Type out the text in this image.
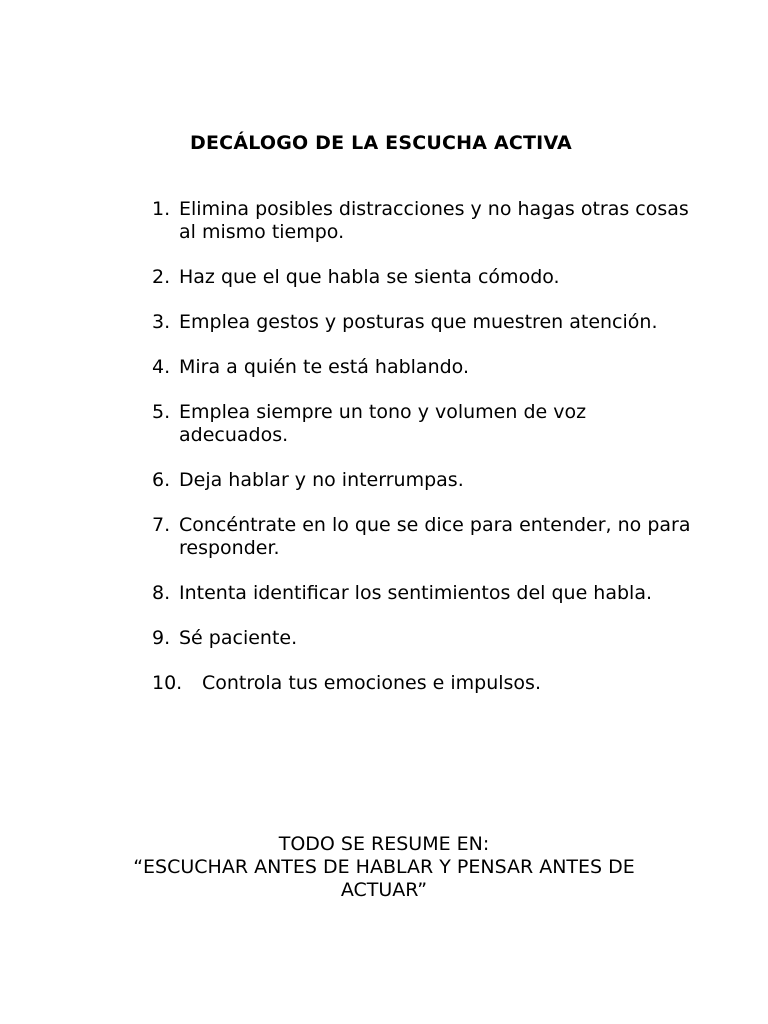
DECÁLOGO DE LA ESCUCHA ACTIVA
1. Elimina posibles distracciones y no hagas otras cosas al mismo tiempo.
2. Haz que el que habla se sienta cómodo.
3. Emplea gestos y posturas que muestren atención.
4. Mira a quién te está hablando.
5. Emplea siempre un tono y volumen de voz adecuados.
6. Deja hablar y no interrumpas.
7. Concéntrate en lo que se dice para entender, no para responder.
8. Intenta identificar los sentimientos del que habla.
9. Sé paciente.
10. Controla tus emociones e impulsos.
TODO SE RESUME EN:
“ESCUCHAR ANTES DE HABLAR Y PENSAR ANTES DE
ACTUAR”
